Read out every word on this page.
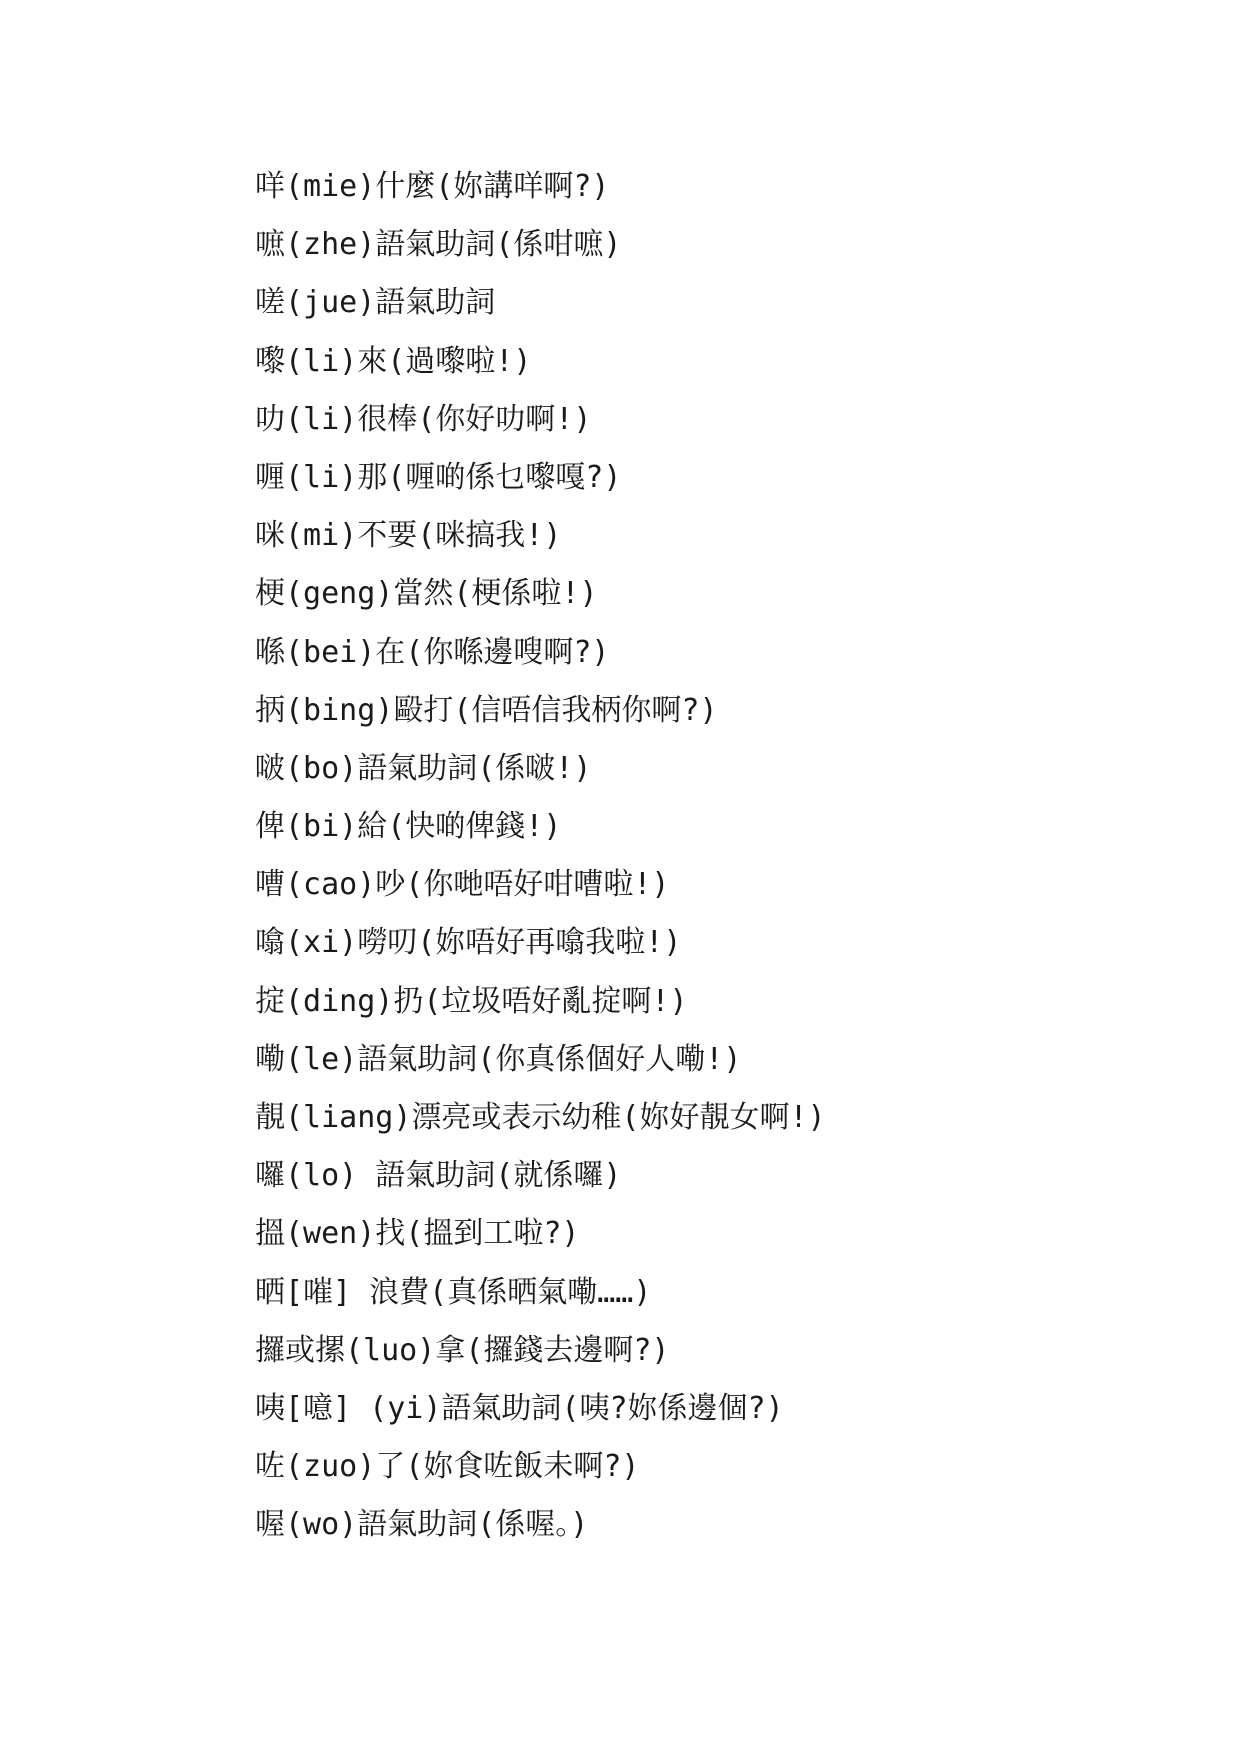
咩(mie)什麼(妳講咩啊?)
嗻(zhe)語氣助詞(係咁嗻)
嗟(jue)語氣助詞
嚟(li)來(過嚟啦!)
叻(li)很棒(你好叻啊!)
喱(li)那(喱啲係乜嚟嘎?)
咪(mi)不要(咪搞我!)
梗(geng)當然(梗係啦!)
喺(bei)在(你喺邊嗖啊?)
抦(bing)毆打(信唔信我柄你啊?)
啵(bo)語氣助詞(係啵!)
俾(bi)給(快啲俾錢!)
嘈(cao)吵(你哋唔好咁嘈啦!)
噏(xi)嘮叨(妳唔好再噏我啦!)
掟(ding)扔(垃圾唔好亂掟啊!)
嘞(le)語氣助詞(你真係個好人嘞!)
靚(liang)漂亮或表示幼稚(妳好靚女啊!)
囉(lo) 語氣助詞(就係囉)
搵(wen)找(搵到工啦?)
晒[嗺] 浪費(真係晒氣嘞……)
攞或摞(luo)拿(攞錢去邊啊?)
咦[噫] (yi)語氣助詞(咦?妳係邊個?)
咗(zuo)了(妳食咗飯未啊?)
喔(wo)語氣助詞(係喔。)
